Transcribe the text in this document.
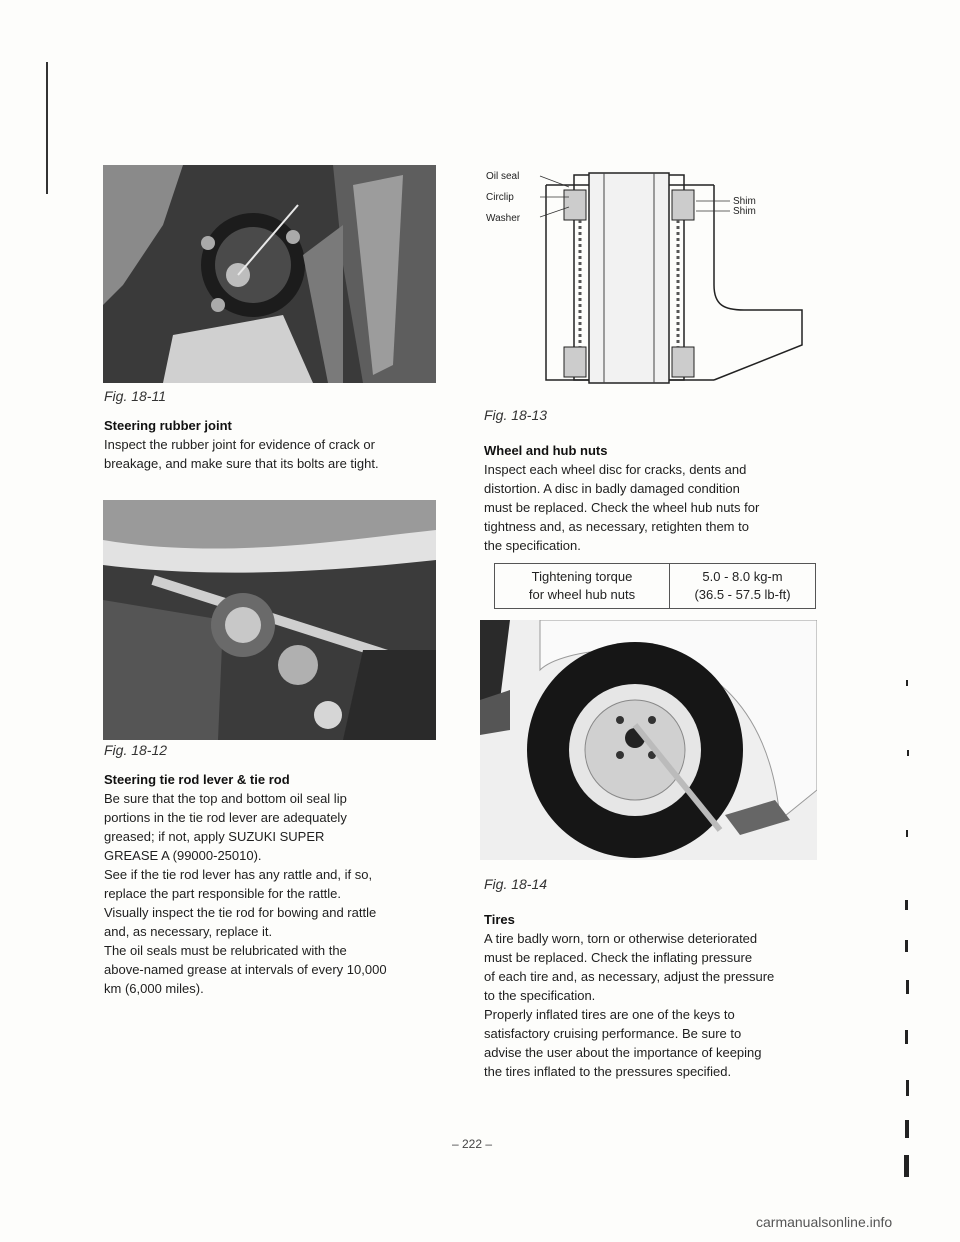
Fig. 18-11
Steering rubber joint

Inspect the rubber joint for evidence of crack or
breakage, and make sure that its bolts are tight.

Fig. 18-12
Steering tie rod lever & tie rod

Be sure that the top and bottom oil seal lip
portions in the tie rod lever are adequately
greased; if not, apply SUZUKI SUPER
GREASE A (99000-25010).
See if the tie rod lever has any rattle and, if so,
replace the part responsible for the rattle.
Visually inspect the tie rod for bowing and rattle
and, as necessary, replace it.
The oil seals must be relubricated with the
above-named grease at intervals of every 10,000
km (6,000 miles).

Oil seal
Circlip
Washer
Shim
Shim
Fig. 18-13
Wheel and hub nuts

Inspect each wheel disc for cracks, dents and
distortion. A disc in badly damaged condition
must be replaced. Check the wheel hub nuts for
tightness and, as necessary, retighten them to
the specification.

Tightening torque
for wheel hub nuts	5.0 - 8.0 kg-m
(36.5 - 57.5 lb-ft)
Fig. 18-14
Tires

A tire badly worn, torn or otherwise deteriorated
must be replaced. Check the inflating pressure
of each tire and, as necessary, adjust the pressure
to the specification.
Properly inflated tires are one of the keys to
satisfactory cruising performance. Be sure to
advise the user about the importance of keeping
the tires inflated to the pressures specified.

– 222 –
carmanualsonline.info
